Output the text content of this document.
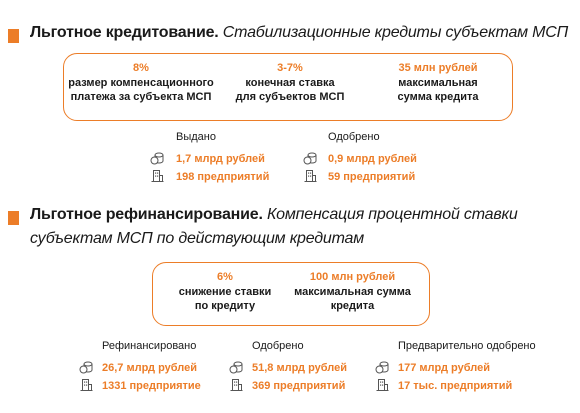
Льготное кредитование. Стабилизационные кредиты субъектам МСП
8%
размер компенсационного
платежа за субъекта МСП
3-7%
конечная ставка
для субъектов МСП
35 млн рублей
максимальная
сумма кредита
Выдано
1,7 млрд рублей
198 предприятий
Одобрено
0,9 млрд рублей
59 предприятий
Льготное рефинансирование. Компенсация процентной ставки
субъектам МСП по действующим кредитам
6%
снижение ставки
по кредиту
100 млн рублей
максимальная сумма
кредита
Рефинансировано
26,7 млрд рублей
1331 предприятие
Одобрено
51,8 млрд рублей
369 предприятий
Предварительно одобрено
177 млрд рублей
17 тыс. предприятий
